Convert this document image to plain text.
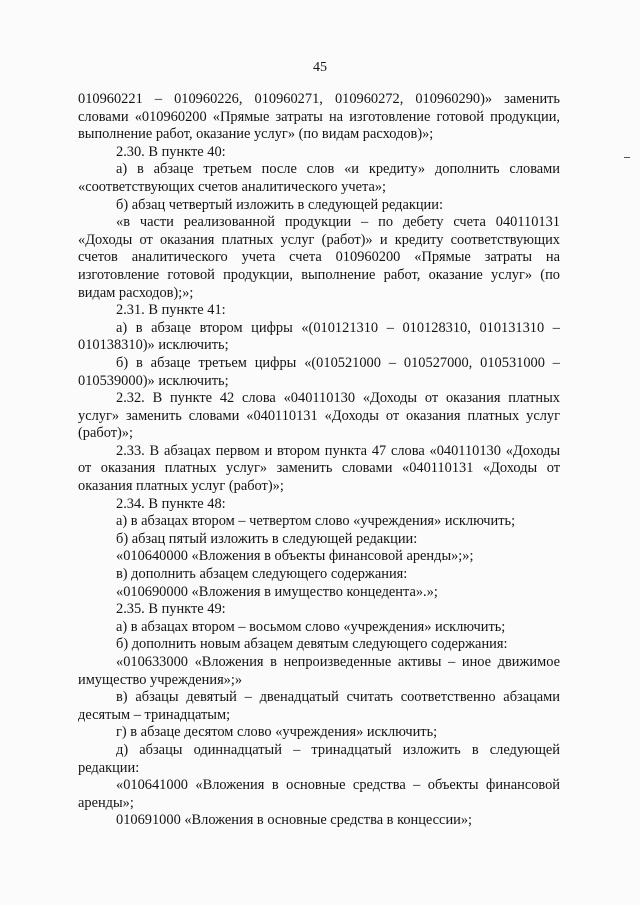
45

010960221 – 010960226, 010960271, 010960272, 010960290)» заменить словами «010960200 «Прямые затраты на изготовление готовой продукции, выполнение работ, оказание услуг» (по видам расходов)»;

2.30. В пункте 40:

а) в абзаце третьем после слов «и кредиту» дополнить словами «соответствующих счетов аналитического учета»;

б) абзац четвертый изложить в следующей редакции:

«в части реализованной продукции – по дебету счета 040110131 «Доходы от оказания платных услуг (работ)» и кредиту соответствующих счетов аналитического учета счета 010960200 «Прямые затраты на изготовление готовой продукции, выполнение работ, оказание услуг» (по видам расходов);»;

2.31. В пункте 41:

а) в абзаце втором цифры «(010121310 – 010128310, 010131310 – 010138310)» исключить;

б) в абзаце третьем цифры «(010521000 – 010527000, 010531000 – 010539000)» исключить;

2.32. В пункте 42 слова «040110130 «Доходы от оказания платных услуг» заменить словами «040110131 «Доходы от оказания платных услуг (работ)»;

2.33. В абзацах первом и втором пункта 47 слова «040110130 «Доходы от оказания платных услуг» заменить словами «040110131 «Доходы от оказания платных услуг (работ)»;

2.34. В пункте 48:

а) в абзацах втором – четвертом слово «учреждения» исключить;

б) абзац пятый изложить в следующей редакции:

«010640000 «Вложения в объекты финансовой аренды»;»;

в) дополнить абзацем следующего содержания:

«010690000 «Вложения в имущество концедента».»;

2.35. В пункте 49:

а) в абзацах втором – восьмом слово «учреждения» исключить;

б) дополнить новым абзацем девятым следующего содержания:

«010633000 «Вложения в непроизведенные активы – иное движимое имущество учреждения»;»

в) абзацы девятый – двенадцатый считать соответственно абзацами десятым – тринадцатым;

г) в абзаце десятом слово «учреждения» исключить;

д) абзацы одиннадцатый – тринадцатый изложить в следующей редакции:

«010641000 «Вложения в основные средства – объекты финансовой аренды»;

010691000 «Вложения в основные средства в концессии»;
